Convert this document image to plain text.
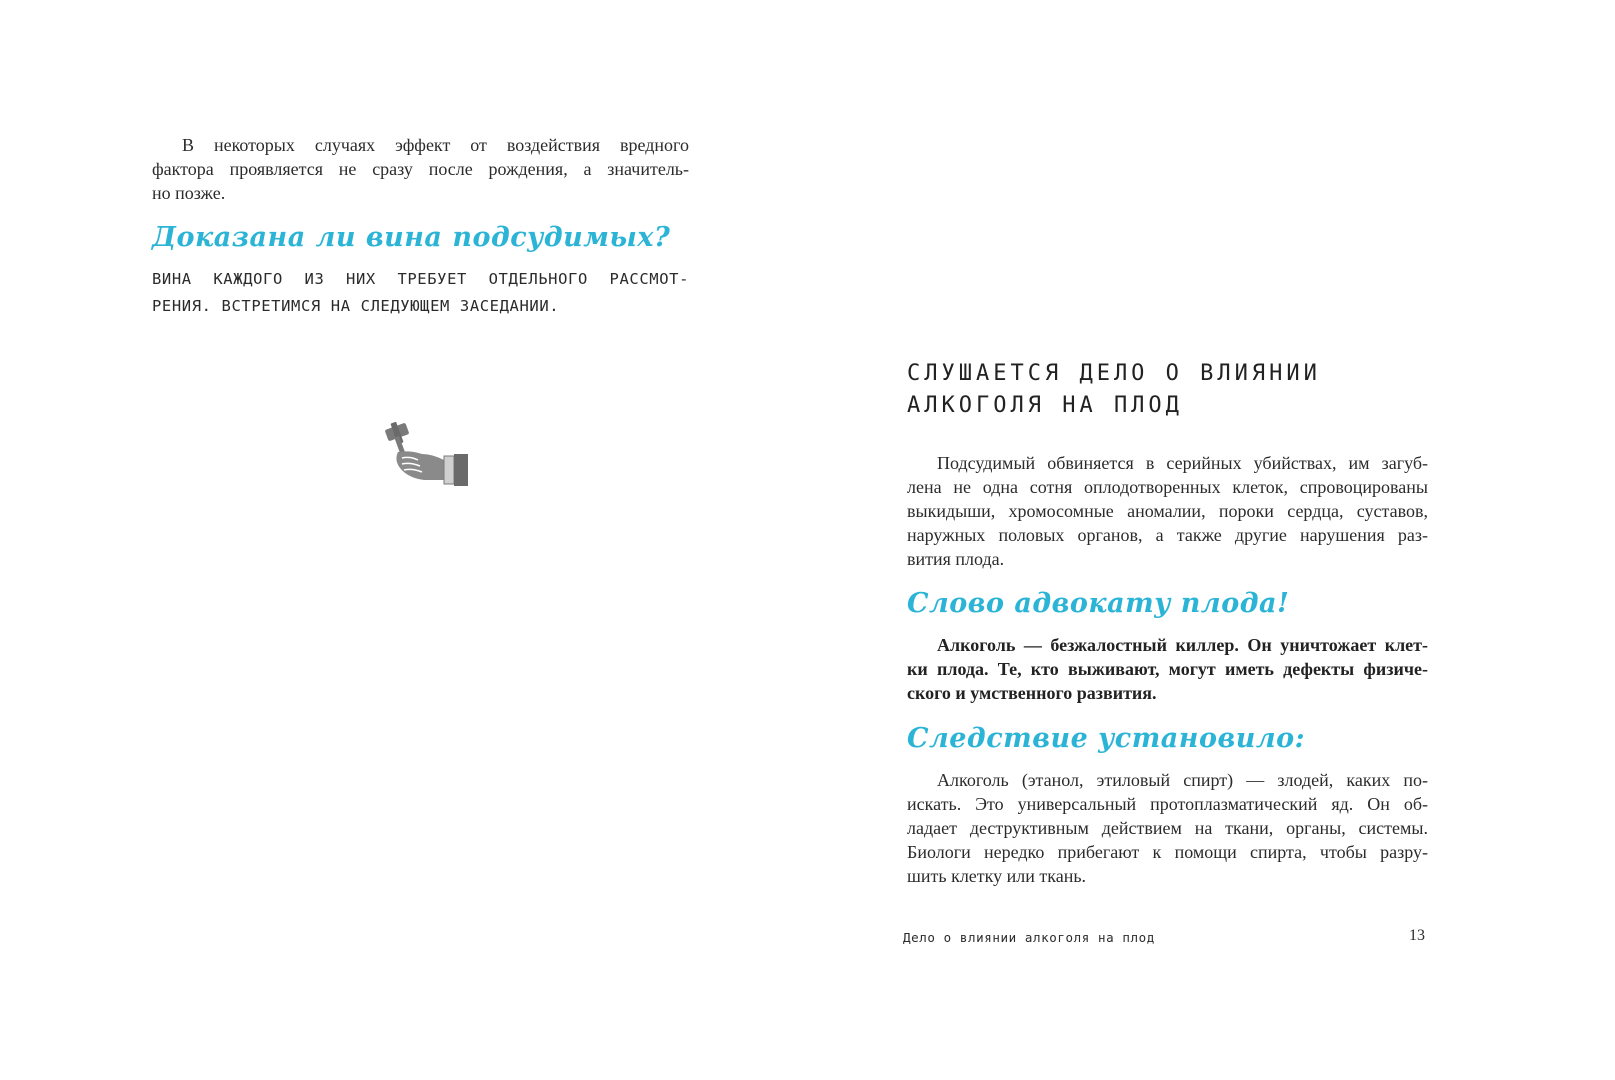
В некоторых случаях эффект от воздействия вредного
фактора проявляется не сразу после рождения, а значитель-
но позже.
Доказана ли вина подсудимых?
ВИНА КАЖДОГО ИЗ НИХ ТРЕБУЕТ ОТДЕЛЬНОГО РАССМОТ-
РЕНИЯ. ВСТРЕТИМСЯ НА СЛЕДУЮЩЕМ ЗАСЕДАНИИ.
СЛУШАЕТСЯ ДЕЛО О ВЛИЯНИИ
АЛКОГОЛЯ НА ПЛОД
Подсудимый обвиняется в серийных убийствах, им загуб-
лена не одна сотня оплодотворенных клеток, спровоцированы
выкидыши, хромосомные аномалии, пороки сердца, суставов,
наружных половых органов, а также другие нарушения раз-
вития плода.
Слово адвокату плода!
Алкоголь — безжалостный киллер. Он уничтожает клет-
ки плода. Те, кто выживают, могут иметь дефекты физиче-
ского и умственного развития.
Следствие установило:
Алкоголь (этанол, этиловый спирт) — злодей, каких по-
искать. Это универсальный протоплазматический яд. Он об-
ладает деструктивным действием на ткани, органы, системы.
Биологи нередко прибегают к помощи спирта, чтобы разру-
шить клетку или ткань.
Дело о влиянии алкоголя на плод	13
